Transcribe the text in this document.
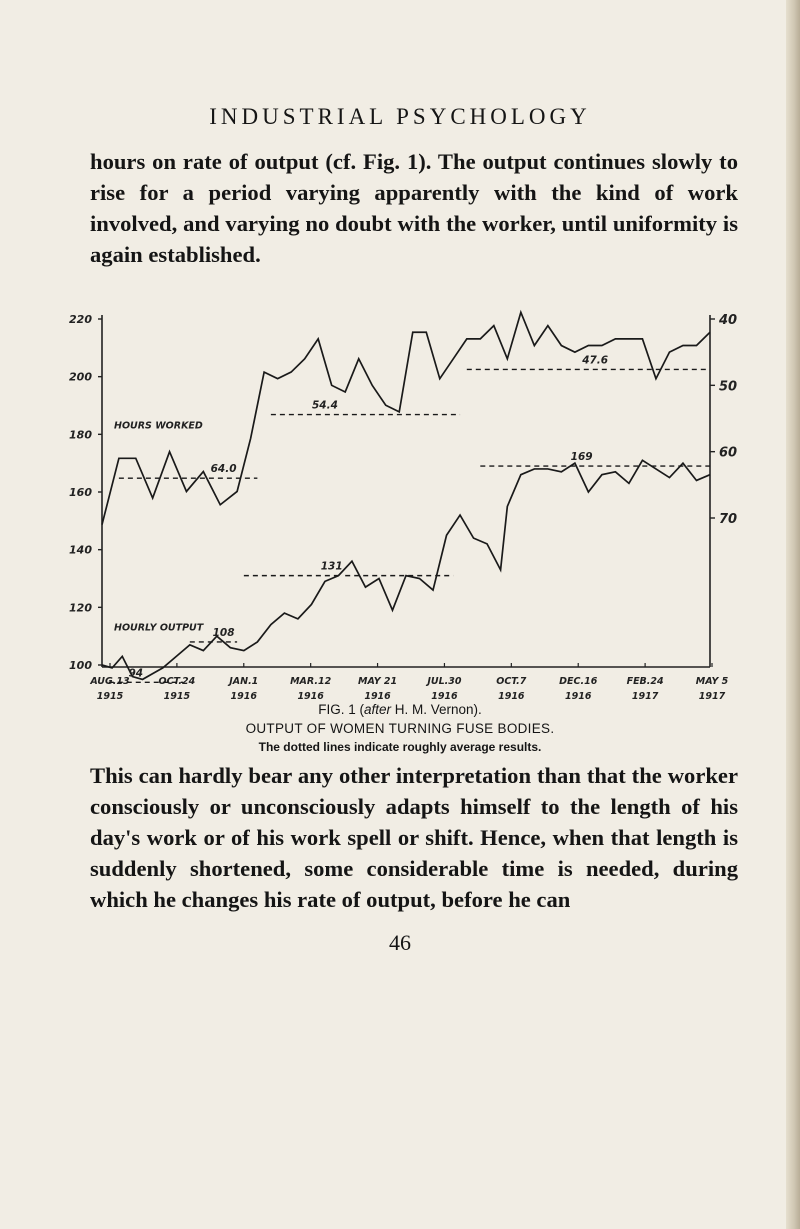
INDUSTRIAL PSYCHOLOGY

hours on rate of output (cf. Fig. 1). The output continues slowly to rise for a period varying apparently with the kind of work involved, and varying no doubt with the worker, until uniformity is again established.

220
200
180
160
140
120
100
40
50
60
70
AUG.13
1915
OCT.24
1915
JAN.1
1916
MAR.12
1916
MAY 21
1916
JUL.30
1916
OCT.7
1916
DEC.16
1916
FEB.24
1917
MAY 5
1917
64.0
54.4
47.6
94
108
131
169
HOURS WORKED
HOURLY OUTPUT
FIG. 1 (after H. M. Vernon).
OUTPUT OF WOMEN TURNING FUSE BODIES.
The dotted lines indicate roughly average results.

This can hardly bear any other interpretation than that the worker consciously or unconsciously adapts himself to the length of his day's work or of his work spell or shift. Hence, when that length is suddenly shortened, some considerable time is needed, during which he changes his rate of output, before he can

46
